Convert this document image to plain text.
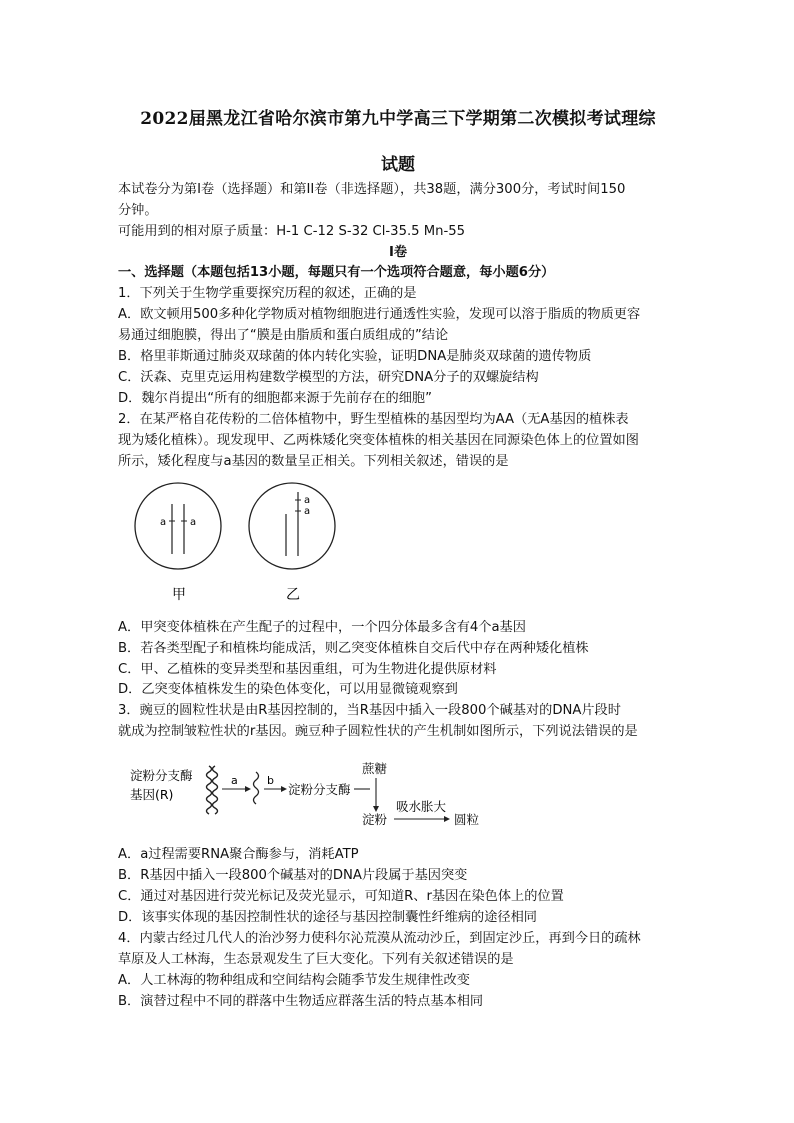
2022届黑龙江省哈尔滨市第九中学高三下学期第二次模拟考试理综
试题
本试卷分为第I卷（选择题）和第II卷（非选择题），共38题，满分300分，考试时间150
分钟。
可能用到的相对原子质量：H-1 C-12 S-32 Cl-35.5 Mn-55
I卷
一、选择题（本题包括13小题，每题只有一个选项符合题意，每小题6分）
1．下列关于生物学重要探究历程的叙述，正确的是
A．欧文顿用500多种化学物质对植物细胞进行通透性实验，发现可以溶于脂质的物质更容
易通过细胞膜，得出了“膜是由脂质和蛋白质组成的”结论
B．格里菲斯通过肺炎双球菌的体内转化实验，证明DNA是肺炎双球菌的遗传物质
C．沃森、克里克运用构建数学模型的方法，研究DNA分子的双螺旋结构
D．魏尔肖提出“所有的细胞都来源于先前存在的细胞”
2．在某严格自花传粉的二倍体植物中，野生型植株的基因型均为AA（无A基因的植株表
现为矮化植株）。现发现甲、乙两株矮化突变体植株的相关基因在同源染色体上的位置如图
所示，矮化程度与a基因的数量呈正相关。下列相关叙述，错误的是
a a
甲
a
a
乙
A．甲突变体植株在产生配子的过程中，一个四分体最多含有4个a基因
B．若各类型配子和植株均能成活，则乙突变体植株自交后代中存在两种矮化植株
C．甲、乙植株的变异类型和基因重组，可为生物进化提供原材料
D．乙突变体植株发生的染色体变化，可以用显微镜观察到
3．豌豆的圆粒性状是由R基因控制的，当R基因中插入一段800个碱基对的DNA片段时
就成为控制皱粒性状的r基因。豌豆种子圆粒性状的产生机制如图所示，下列说法错误的是
淀粉分支酶
基因(R)
a	b
淀粉分支酶
蔗糖
淀粉
吸水胀大
圆粒
A．a过程需要RNA聚合酶参与，消耗ATP
B．R基因中插入一段800个碱基对的DNA片段属于基因突变
C．通过对基因进行荧光标记及荧光显示，可知道R、r基因在染色体上的位置
D．该事实体现的基因控制性状的途径与基因控制囊性纤维病的途径相同
4．内蒙古经过几代人的治沙努力使科尔沁荒漠从流动沙丘，到固定沙丘，再到今日的疏林
草原及人工林海，生态景观发生了巨大变化。下列有关叙述错误的是
A．人工林海的物种组成和空间结构会随季节发生规律性改变
B．演替过程中不同的群落中生物适应群落生活的特点基本相同
